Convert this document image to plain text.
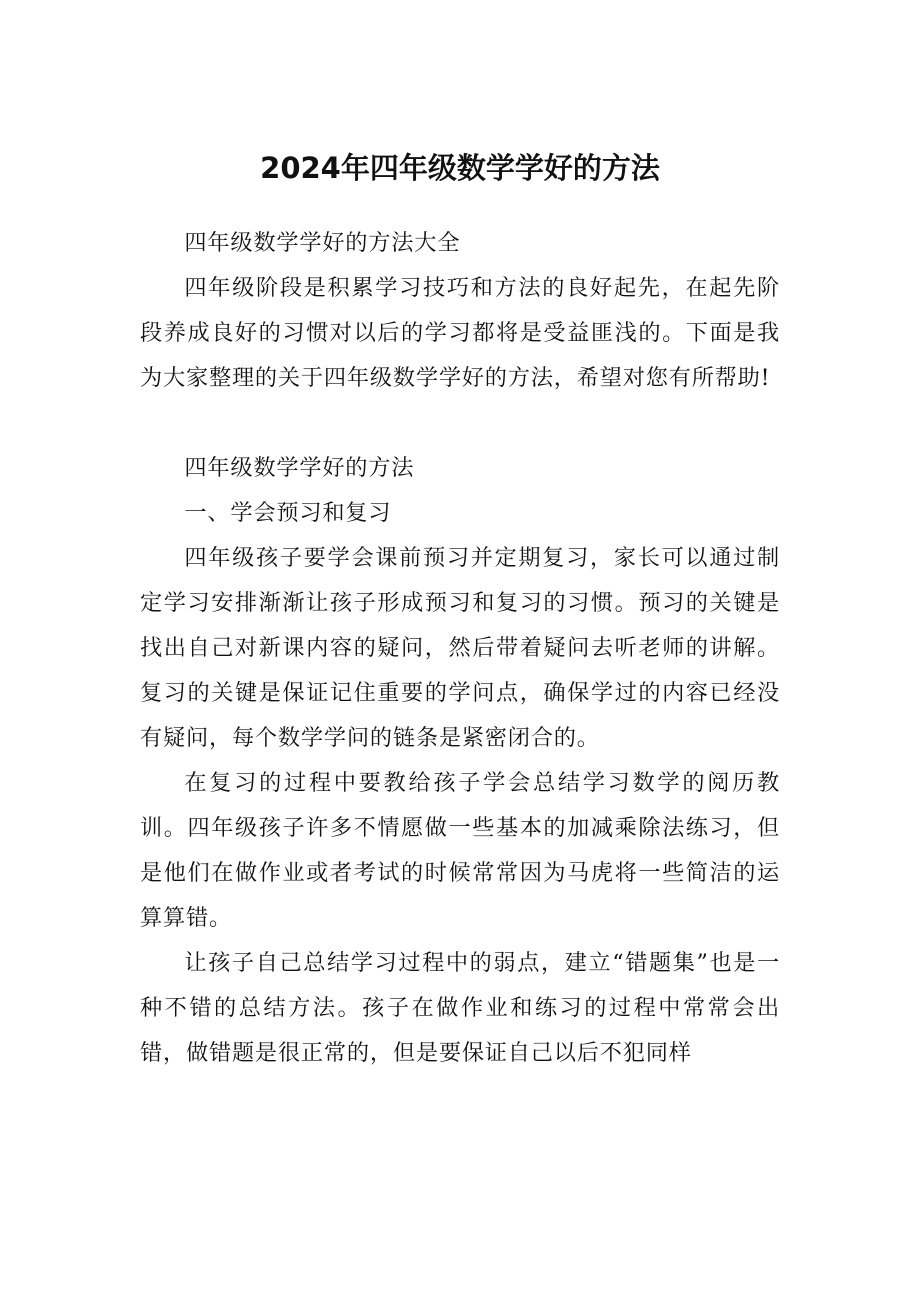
2024年四年级数学学好的方法

四年级数学学好的方法大全

四年级阶段是积累学习技巧和方法的良好起先，在起先阶段养成良好的习惯对以后的学习都将是受益匪浅的。下面是我为大家整理的关于四年级数学学好的方法，希望对您有所帮助!

四年级数学学好的方法

一、学会预习和复习

四年级孩子要学会课前预习并定期复习，家长可以通过制定学习安排渐渐让孩子形成预习和复习的习惯。预习的关键是找出自己对新课内容的疑问，然后带着疑问去听老师的讲解。复习的关键是保证记住重要的学问点，确保学过的内容已经没有疑问，每个数学学问的链条是紧密闭合的。

在复习的过程中要教给孩子学会总结学习数学的阅历教训。四年级孩子许多不情愿做一些基本的加减乘除法练习，但是他们在做作业或者考试的时候常常因为马虎将一些简洁的运算算错。

让孩子自己总结学习过程中的弱点，建立“错题集”也是一种不错的总结方法。孩子在做作业和练习的过程中常常会出错，做错题是很正常的，但是要保证自己以后不犯同样
